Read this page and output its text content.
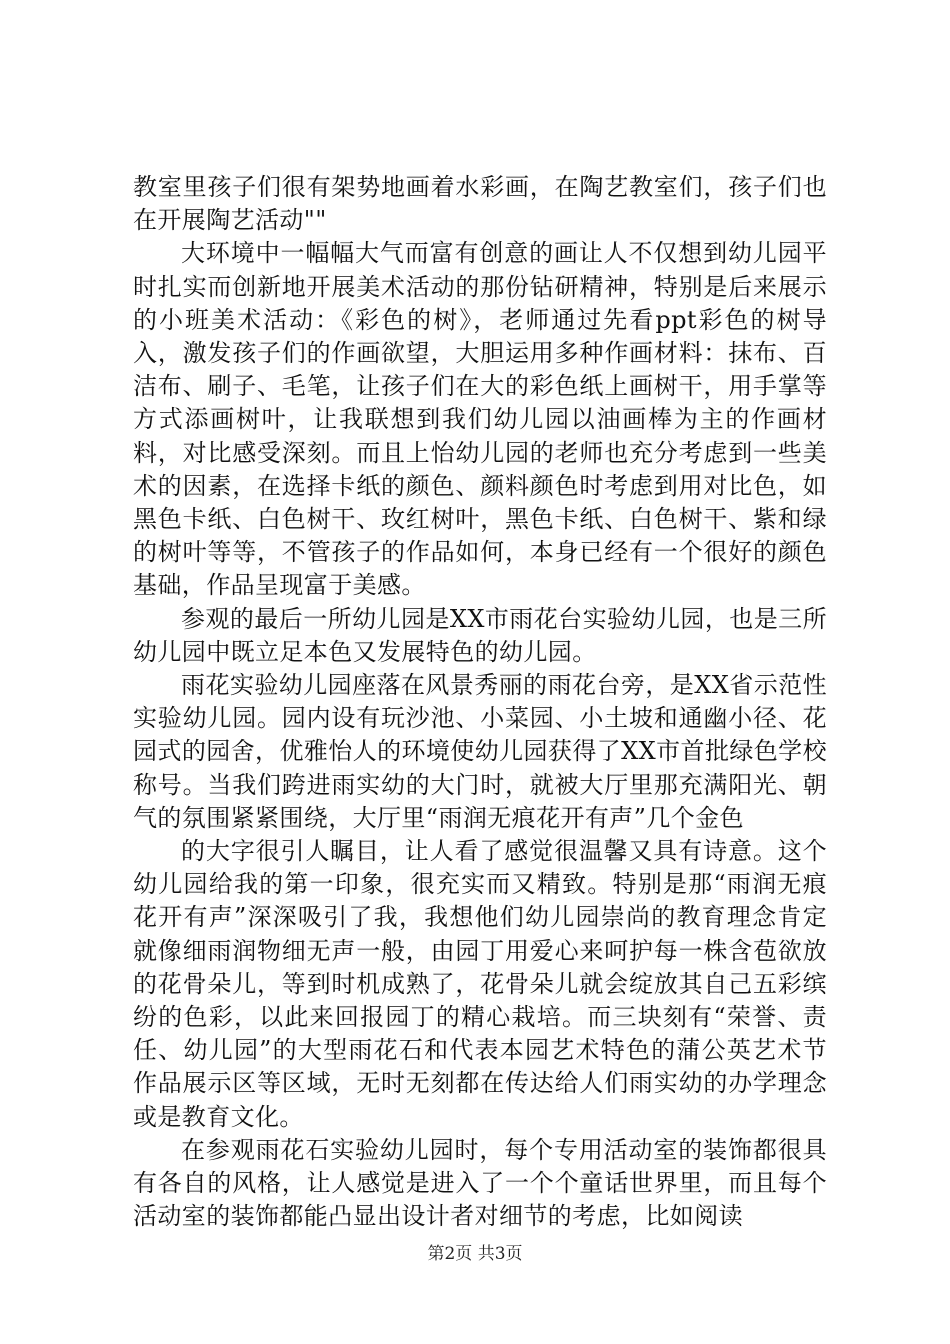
教室里孩子们很有架势地画着水彩画，在陶艺教室们，孩子们也在开展陶艺活动""

大环境中一幅幅大气而富有创意的画让人不仅想到幼儿园平时扎实而创新地开展美术活动的那份钻研精神，特别是后来展示的小班美术活动：《彩色的树》，老师通过先看ppt彩色的树导入，激发孩子们的作画欲望，大胆运用多种作画材料：抹布、百洁布、刷子、毛笔，让孩子们在大的彩色纸上画树干，用手掌等方式添画树叶，让我联想到我们幼儿园以油画棒为主的作画材料，对比感受深刻。而且上怡幼儿园的老师也充分考虑到一些美术的因素，在选择卡纸的颜色、颜料颜色时考虑到用对比色，如黑色卡纸、白色树干、玫红树叶，黑色卡纸、白色树干、紫和绿的树叶等等，不管孩子的作品如何，本身已经有一个很好的颜色基础，作品呈现富于美感。

参观的最后一所幼儿园是XX市雨花台实验幼儿园，也是三所幼儿园中既立足本色又发展特色的幼儿园。

雨花实验幼儿园座落在风景秀丽的雨花台旁，是XX省示范性实验幼儿园。园内设有玩沙池、小菜园、小土坡和通幽小径、花园式的园舍，优雅怡人的环境使幼儿园获得了XX市首批绿色学校称号。当我们跨进雨实幼的大门时，就被大厅里那充满阳光、朝气的氛围紧紧围绕，大厅里“雨润无痕花开有声”几个金色

的大字很引人瞩目，让人看了感觉很温馨又具有诗意。这个幼儿园给我的第一印象，很充实而又精致。特别是那“雨润无痕花开有声”深深吸引了我，我想他们幼儿园崇尚的教育理念肯定就像细雨润物细无声一般，由园丁用爱心来呵护每一株含苞欲放的花骨朵儿，等到时机成熟了，花骨朵儿就会绽放其自己五彩缤纷的色彩，以此来回报园丁的精心栽培。而三块刻有“荣誉、责任、幼儿园”的大型雨花石和代表本园艺术特色的蒲公英艺术节作品展示区等区域，无时无刻都在传达给人们雨实幼的办学理念或是教育文化。

在参观雨花石实验幼儿园时，每个专用活动室的装饰都很具有各自的风格，让人感觉是进入了一个个童话世界里，而且每个活动室的装饰都能凸显出设计者对细节的考虑，比如阅读

第2页 共3页
